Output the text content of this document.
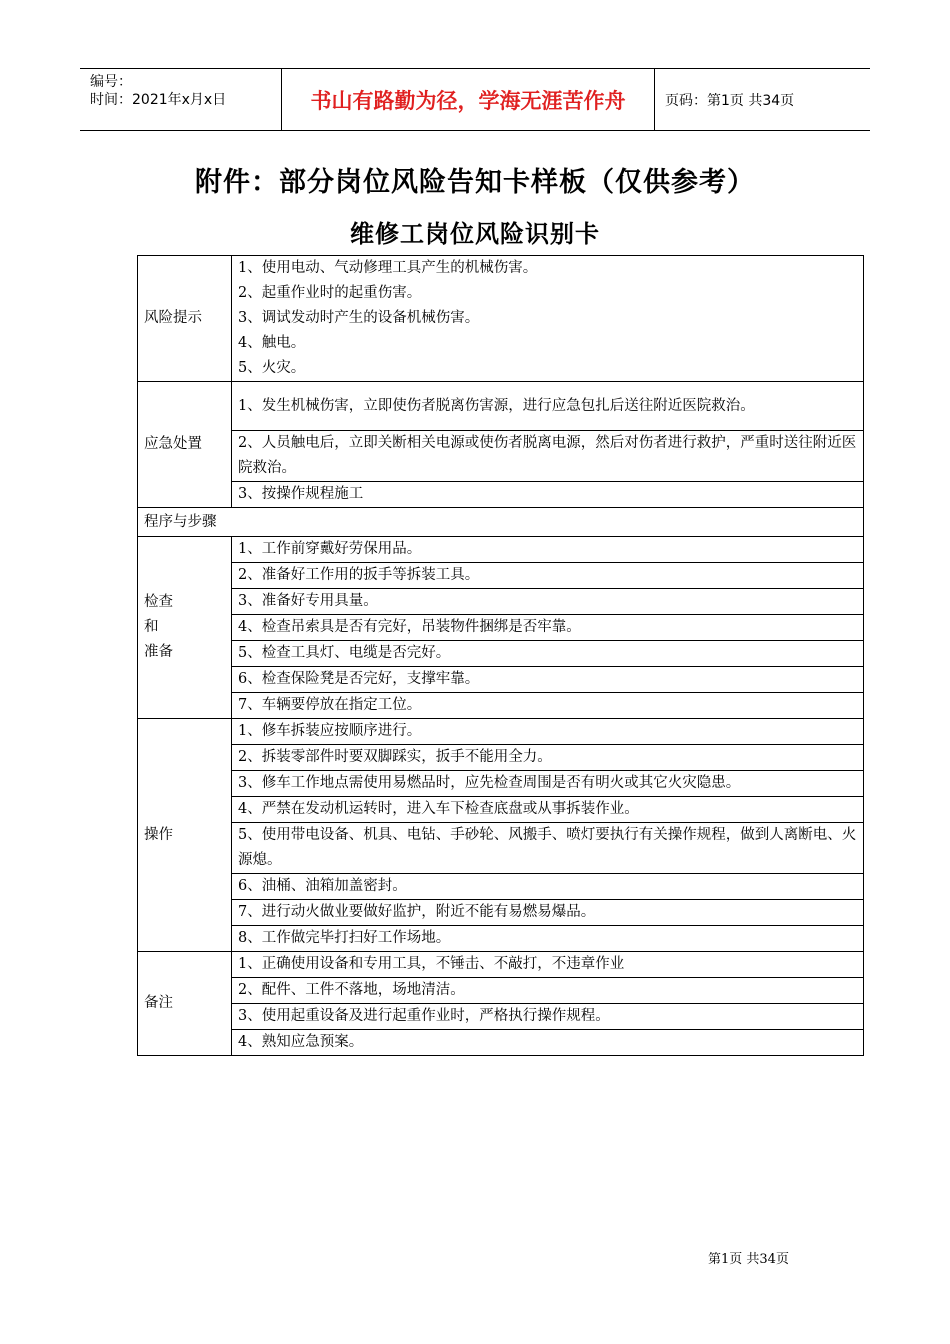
编号：
时间：2021年x月x日	书山有路勤为径，学海无涯苦作舟	页码：第1页 共34页
附件：部分岗位风险告知卡样板（仅供参考）
维修工岗位风险识别卡
风险提示	1、使用电动、气动修理工具产生的机械伤害。
2、起重作业时的起重伤害。
3、调试发动时产生的设备机械伤害。
4、触电。
5、火灾。

应急处置	1、发生机械伤害，立即使伤者脱离伤害源，进行应急包扎后送往附近医院救治。
	2、人员触电后，立即关断相关电源或使伤者脱离电源，然后对伤者进行救护，严重时送往附近医院救治。
	3、按操作规程施工
程序与步骤	

检查
和
准备	1、工作前穿戴好劳保用品。
	2、准备好工作用的扳手等拆装工具。
	3、准备好专用具量。
	4、检查吊索具是否有完好，吊装物件捆绑是否牢靠。
	5、检查工具灯、电缆是否完好。
	6、检查保险凳是否完好，支撑牢靠。
	7、车辆要停放在指定工位。
操作	1、修车拆装应按顺序进行。
	2、拆装零部件时要双脚踩实，扳手不能用全力。
	3、修车工作地点需使用易燃品时，应先检查周围是否有明火或其它火灾隐患。
	4、严禁在发动机运转时，进入车下检查底盘或从事拆装作业。
	5、使用带电设备、机具、电钻、手砂轮、风搬手、喷灯要执行有关操作规程，做到人离断电、火源熄。
	6、油桶、油箱加盖密封。
	7、进行动火做业要做好监护，附近不能有易燃易爆品。
	8、工作做完毕打扫好工作场地。
备注	1、正确使用设备和专用工具，不锤击、不敲打，不违章作业
	2、配件、工件不落地，场地清洁。
	3、使用起重设备及进行起重作业时，严格执行操作规程。
	4、熟知应急预案。
第1页 共34页
